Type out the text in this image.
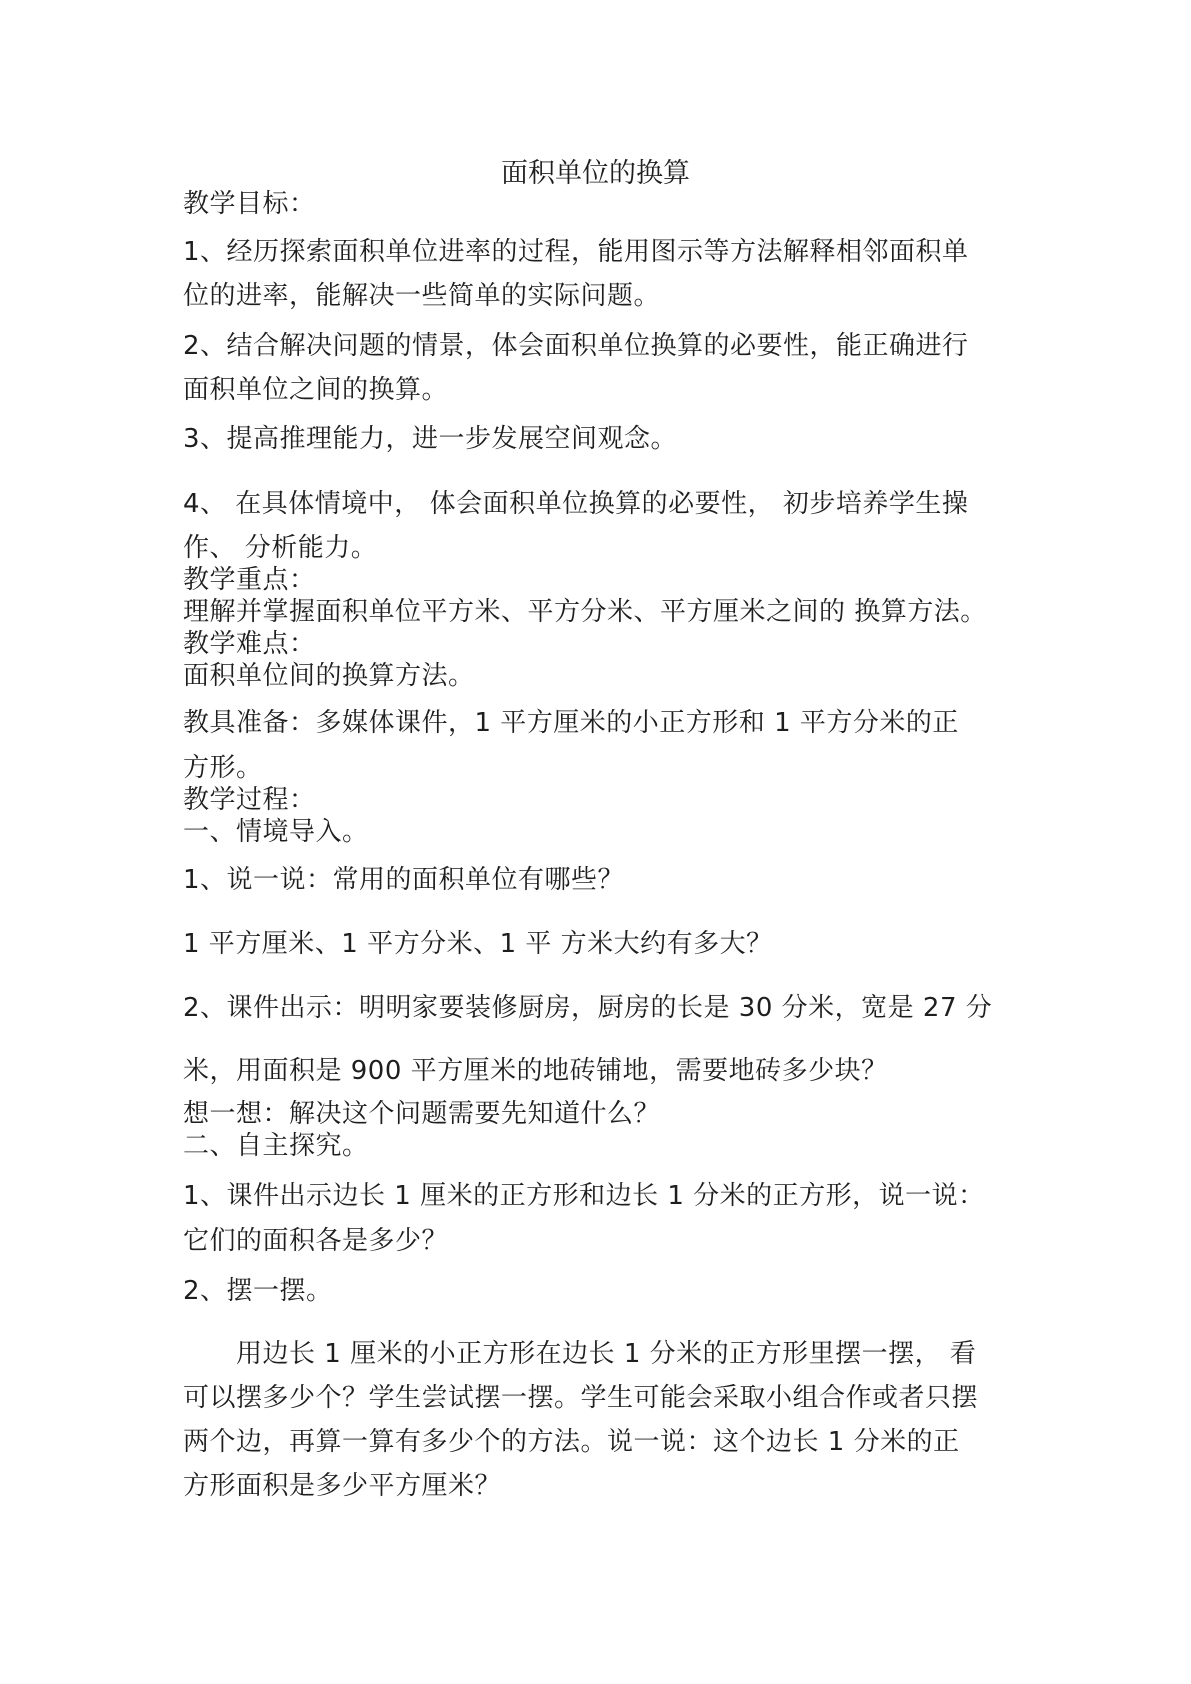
面积单位的换算
教学目标：
1、经历探索面积单位进率的过程，能用图示等方法解释相邻面积单
位的进率，能解决一些简单的实际问题。
2、结合解决问题的情景，体会面积单位换算的必要性，能正确进行
面积单位之间的换算。
3、提高推理能力，进一步发展空间观念。
4、 在具体情境中， 体会面积单位换算的必要性， 初步培养学生操
作、 分析能力。
教学重点：
理解并掌握面积单位平方米、平方分米、平方厘米之间的 换算方法。
教学难点：
面积单位间的换算方法。
教具准备：多媒体课件，1 平方厘米的小正方形和 1 平方分米的正
方形。
教学过程：
一、情境导入。
1、说一说：常用的面积单位有哪些？
1 平方厘米、1 平方分米、1 平 方米大约有多大？
2、课件出示：明明家要装修厨房，厨房的长是 30 分米，宽是 27 分
米，用面积是 900 平方厘米的地砖铺地，需要地砖多少块？
想一想：解决这个问题需要先知道什么？
二、自主探究。
1、课件出示边长 1 厘米的正方形和边长 1 分米的正方形，说一说：
它们的面积各是多少？
2、摆一摆。
用边长 1 厘米的小正方形在边长 1 分米的正方形里摆一摆， 看
可以摆多少个？学生尝试摆一摆。学生可能会采取小组合作或者只摆
两个边，再算一算有多少个的方法。说一说：这个边长 1 分米的正
方形面积是多少平方厘米？
